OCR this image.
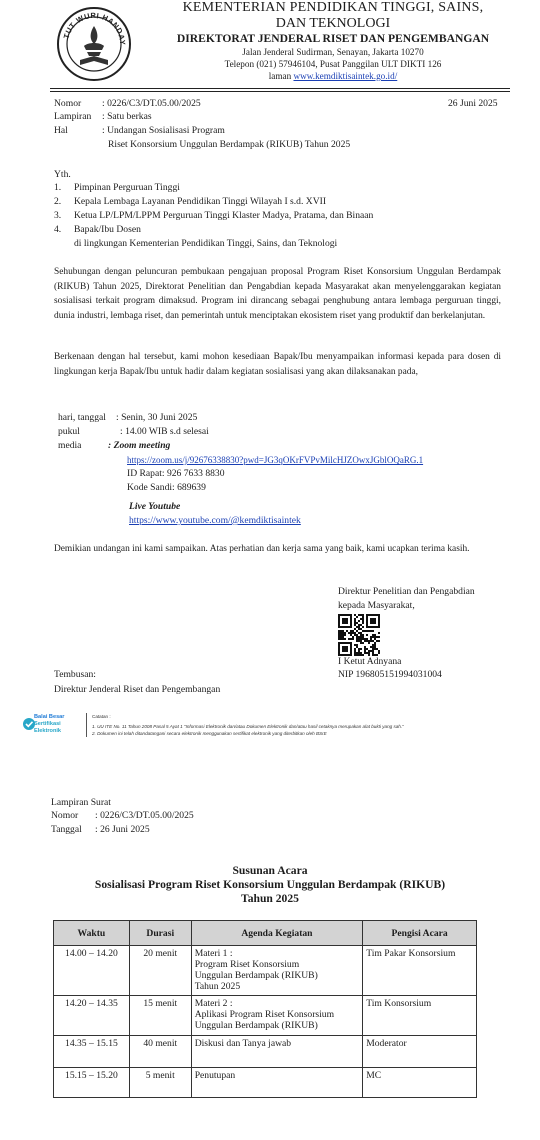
TUT WURI HANDAY
KEMENTERIAN PENDIDIKAN TINGGI, SAINS,
DAN TEKNOLOGI
DIREKTORAT JENDERAL RISET DAN PENGEMBANGAN
Jalan Jenderal Sudirman, Senayan, Jakarta 10270
Telepon (021) 57946104, Pusat Panggilan ULT DIKTI 126
laman www.kemdiktisaintek.go.id/
Nomor : 0226/C3/DT.05.00/2025	26 Juni 2025
Lampiran : Satu berkas
Hal	: Undangan Sosialisasi Program
Riset Konsorsium Unggulan Berdampak (RIKUB) Tahun 2025
Yth.
1. Pimpinan Perguruan Tinggi
2. Kepala Lembaga Layanan Pendidikan Tinggi Wilayah I s.d. XVII
3. Ketua LP/LPM/LPPM Perguruan Tinggi Klaster Madya, Pratama, dan Binaan
4. Bapak/Ibu Dosen
di lingkungan Kementerian Pendidikan Tinggi, Sains, dan Teknologi
Sehubungan dengan peluncuran pembukaan pengajuan proposal Program Riset Konsorsium Unggulan Berdampak (RIKUB) Tahun 2025, Direktorat Penelitian dan Pengabdian kepada Masyarakat akan menyelenggarakan kegiatan sosialisasi terkait program dimaksud. Program ini dirancang sebagai penghubung antara lembaga perguruan tinggi, dunia industri, lembaga riset, dan pemerintah untuk menciptakan ekosistem riset yang produktif dan berkelanjutan.
Berkenaan dengan hal tersebut, kami mohon kesediaan Bapak/Ibu menyampaikan informasi kepada para dosen di lingkungan kerja Bapak/Ibu untuk hadir dalam kegiatan sosialisasi yang akan dilaksanakan pada,
hari, tanggal : Senin, 30 Juni 2025
pukul	: 14.00 WIB s.d selesai
media	: Zoom meeting
https://zoom.us/j/92676338830?pwd=JG3qOKrFVPvMilcHJZOwxJGblOQaRG.1
ID Rapat: 926 7633 8830
Kode Sandi: 689639
Live Youtube
https://www.youtube.com/@kemdiktisaintek
Demikian undangan ini kami sampaikan. Atas perhatian dan kerja sama yang baik, kami ucapkan terima kasih.
Direktur Penelitian dan Pengabdian
kepada Masyarakat,
I Ketut Adnyana
NIP 196805151994031004
Tembusan:
Direktur Jenderal Riset dan Pengembangan
Balai Besar
Sertifikasi
Elektronik
Catatan :
1. UU ITE No. 11 Tahun 2008 Pasal 5 Ayat 1 "Informasi Elektronik dan/atau Dokumen Elektronik dan/atau hasil cetaknya merupakan alat bukti yang sah."
2. Dokumen ini telah ditandatangani secara elektronik menggunakan sertifikat elektronik yang diterbitkan oleh BSrE
Lampiran Surat
Nomor : 0226/C3/DT.05.00/2025
Tanggal : 26 Juni 2025
Susunan Acara
Sosialisasi Program Riset Konsorsium Unggulan Berdampak (RIKUB)
Tahun 2025
Waktu	Durasi	Agenda Kegiatan	Pengisi Acara
14.00 – 14.20	20 menit	Materi 1 :
Program Riset Konsorsium
Unggulan Berdampak (RIKUB)
Tahun 2025	Tim Pakar Konsorsium
14.20 – 14.35	15 menit	Materi 2 :
Aplikasi Program Riset Konsorsium
Unggulan Berdampak (RIKUB)	Tim Konsorsium
14.35 – 15.15	40 menit	Diskusi dan Tanya jawab	Moderator
15.15 – 15.20	5 menit	Penutupan	MC
